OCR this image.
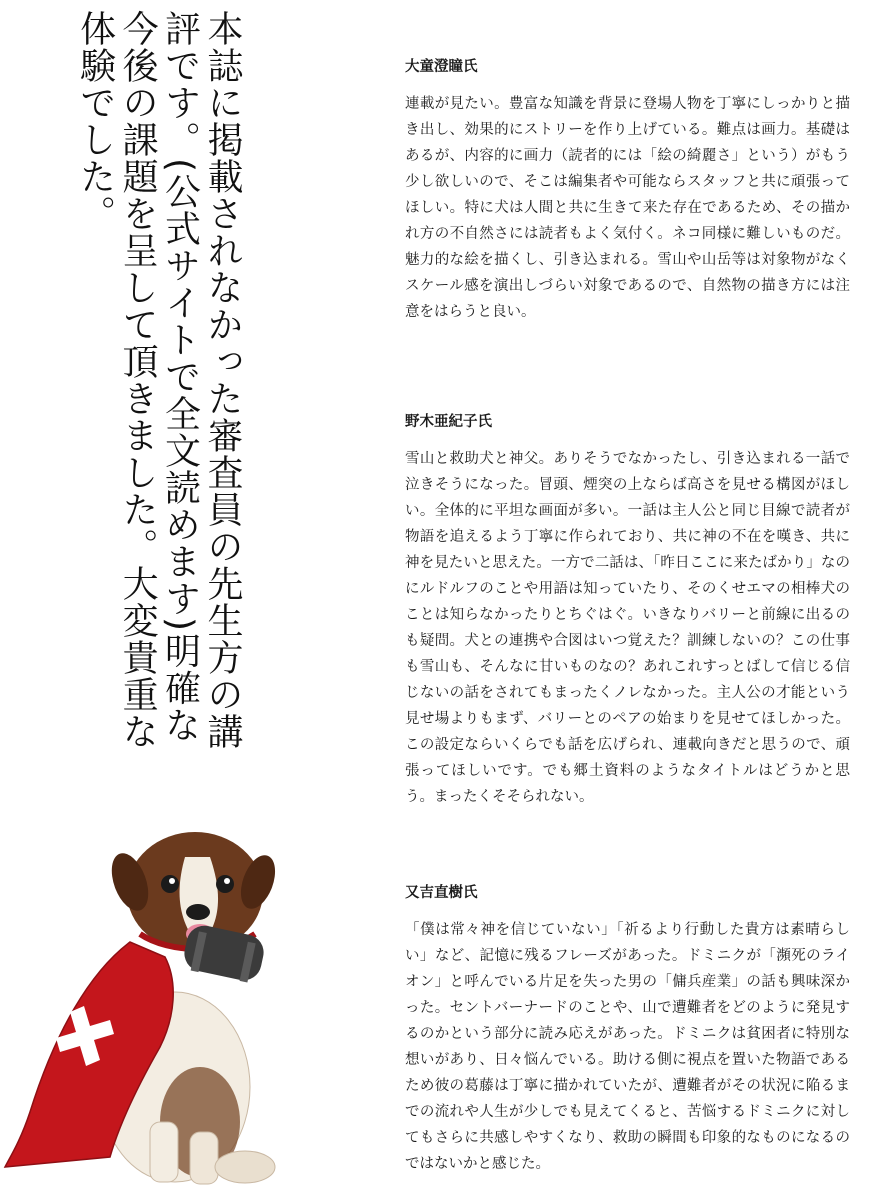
本誌に掲載されなかった審査員の先生方の講評です。(公式サイトで全文読めます)明確な今後の課題を呈して頂きました。大変貴重な体験でした。	大童澄瞳氏

連載が見たい。豊富な知識を背景に登場人物を丁寧にしっかりと描き出し、効果的にストリーを作り上げている。難点は画力。基礎はあるが、内容的に画力（読者的には「絵の綺麗さ」という）がもう少し欲しいので、そこは編集者や可能ならスタッフと共に頑張ってほしい。特に犬は人間と共に生きて来た存在であるため、その描かれ方の不自然さには読者もよく気付く。ネコ同様に難しいものだ。魅力的な絵を描くし、引き込まれる。雪山や山岳等は対象物がなくスケール感を演出しづらい対象であるので、自然物の描き方には注意をはらうと良い。

野木亜紀子氏

雪山と救助犬と神父。ありそうでなかったし、引き込まれる一話で泣きそうになった。冒頭、煙突の上ならば高さを見せる構図がほしい。全体的に平坦な画面が多い。一話は主人公と同じ目線で読者が物語を追えるよう丁寧に作られており、共に神の不在を嘆き、共に神を見たいと思えた。一方で二話は、「昨日ここに来たばかり」なのにルドルフのことや用語は知っていたり、そのくせエマの相棒犬のことは知らなかったりとちぐはぐ。いきなりバリーと前線に出るのも疑問。犬との連携や合図はいつ覚えた？訓練しないの？この仕事も雪山も、そんなに甘いものなの？あれこれすっとばして信じる信じないの話をされてもまったくノレなかった。主人公の才能という見せ場よりもまず、バリーとのペアの始まりを見せてほしかった。この設定ならいくらでも話を広げられ、連載向きだと思うので、頑張ってほしいです。でも郷土資料のようなタイトルはどうかと思う。まったくそそられない。

又吉直樹氏

「僕は常々神を信じていない」「祈るより行動した貴方は素晴らしい」など、記憶に残るフレーズがあった。ドミニクが「瀕死のライオン」と呼んでいる片足を失った男の「傭兵産業」の話も興味深かった。セントバーナードのことや、山で遭難者をどのように発見するのかという部分に読み応えがあった。ドミニクは貧困者に特別な想いがあり、日々悩んでいる。助ける側に視点を置いた物語であるため彼の葛藤は丁寧に描かれていたが、遭難者がその状況に陥るまでの流れや人生が少しでも見えてくると、苦悩するドミニクに対してもさらに共感しやすくなり、救助の瞬間も印象的なものになるのではないかと感じた。
